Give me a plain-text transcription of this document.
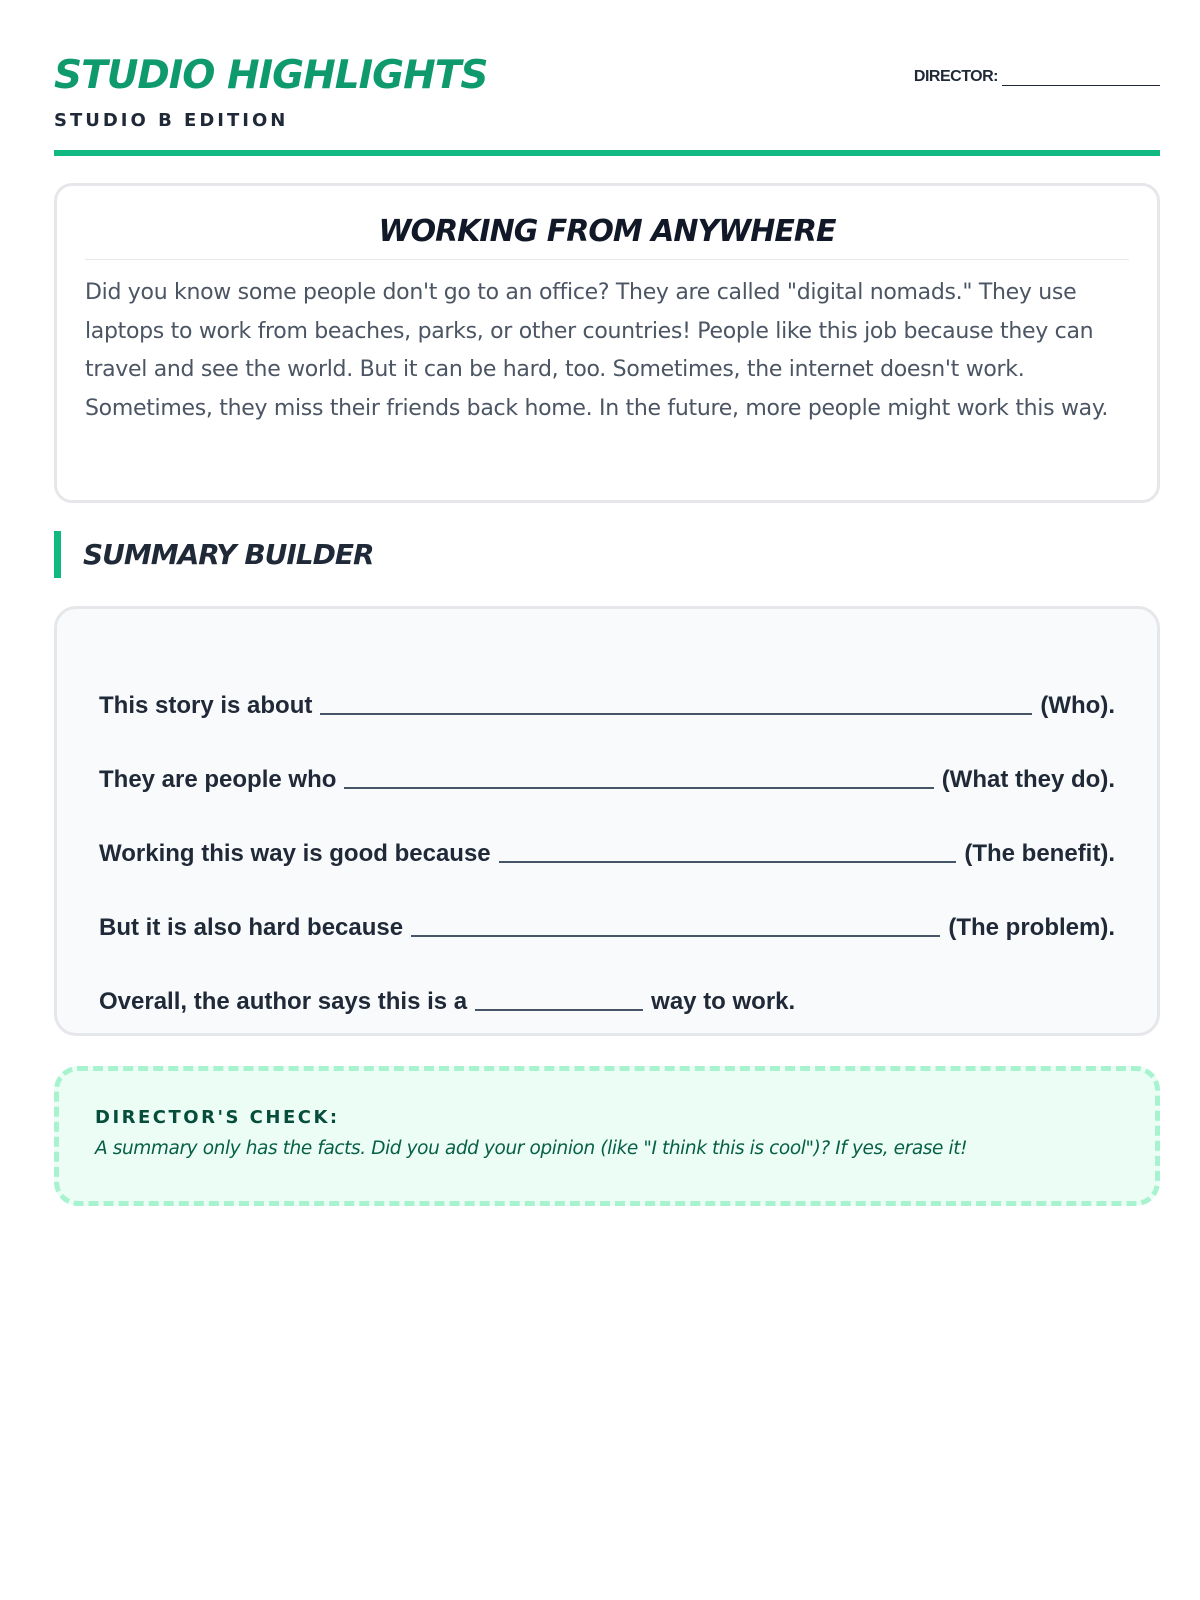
STUDIO HIGHLIGHTS
STUDIO B EDITION
DIRECTOR:
WORKING FROM ANYWHERE
Did you know some people don't go to an office? They are called "digital nomads." They use laptops to work from beaches, parks, or other countries! People like this job because they can travel and see the world. But it can be hard, too. Sometimes, the internet doesn't work. Sometimes, they miss their friends back home. In the future, more people might work this way.
SUMMARY BUILDER
This story is about	(Who).
They are people who	(What they do).
Working this way is good because	(The benefit).
But it is also hard because	(The problem).
Overall, the author says this is a	way to work.
DIRECTOR'S CHECK:
A summary only has the facts. Did you add your opinion (like "I think this is cool")? If yes, erase it!
